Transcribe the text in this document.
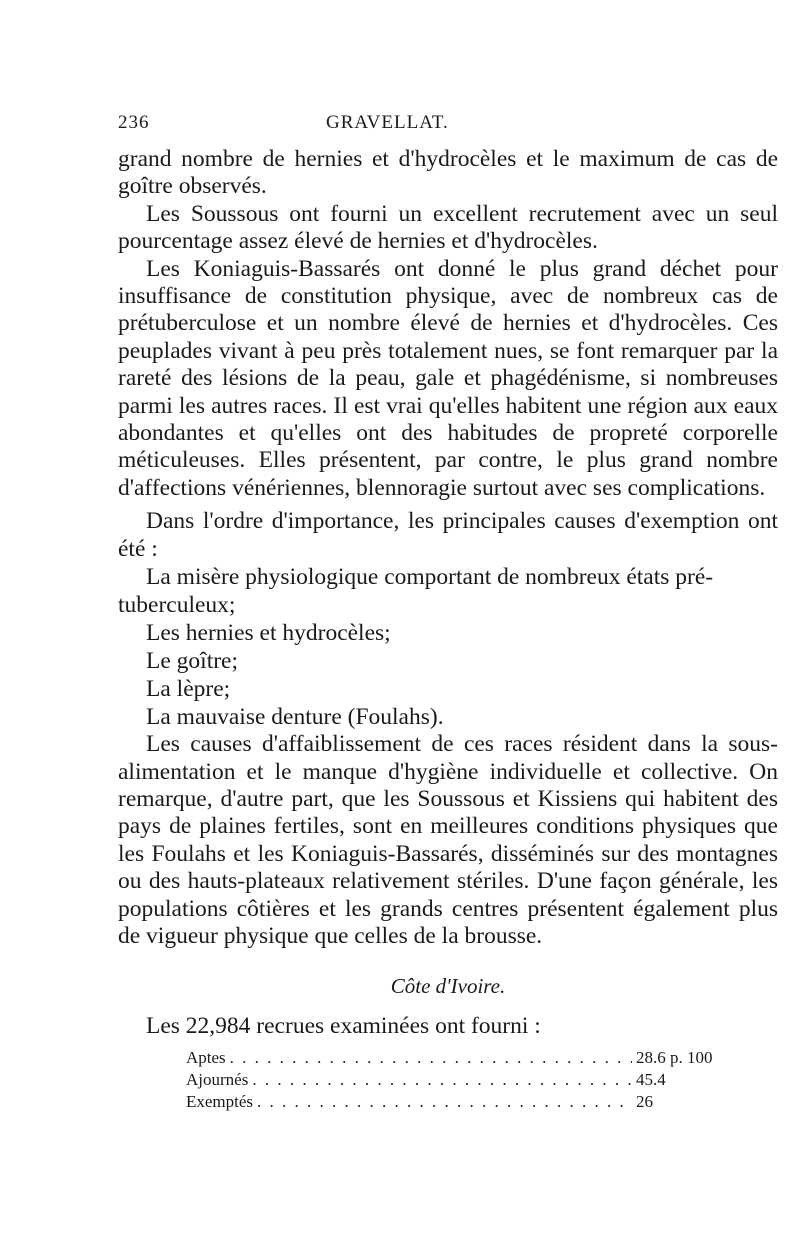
236	GRAVELLAT.

grand nombre de hernies et d'hydrocèles et le maximum de cas de goître observés.

Les Soussous ont fourni un excellent recrutement avec un seul pourcentage assez élevé de hernies et d'hydrocèles.

Les Koniaguis-Bassarés ont donné le plus grand déchet pour insuffisance de constitution physique, avec de nombreux cas de prétuberculose et un nombre élevé de hernies et d'hydrocèles. Ces peuplades vivant à peu près totalement nues, se font remarquer par la rareté des lésions de la peau, gale et phagédénisme, si nombreuses parmi les autres races. Il est vrai qu'elles habitent une région aux eaux abondantes et qu'elles ont des habitudes de propreté corporelle méticuleuses. Elles présentent, par contre, le plus grand nombre d'affections vénériennes, blennoragie surtout avec ses complications.

Dans l'ordre d'importance, les principales causes d'exemption ont été :

La misère physiologique comportant de nombreux états pré-
tuberculeux;
Les hernies et hydrocèles;
Le goître;
La lèpre;
La mauvaise denture (Foulahs).

Les causes d'affaiblissement de ces races résident dans la sous-alimentation et le manque d'hygiène individuelle et collective. On remarque, d'autre part, que les Soussous et Kissiens qui habitent des pays de plaines fertiles, sont en meilleures conditions physiques que les Foulahs et les Koniaguis-Bassarés, disséminés sur des montagnes ou des hauts-plateaux relativement stériles. D'une façon générale, les populations côtières et les grands centres présentent également plus de vigueur physique que celles de la brousse.

Côte d'Ivoire.

Les 22,984 recrues examinées ont fourni :

Aptes . . .	28.6 p. 100
Ajournés . . .	45.4
Exemptés . . .	26
